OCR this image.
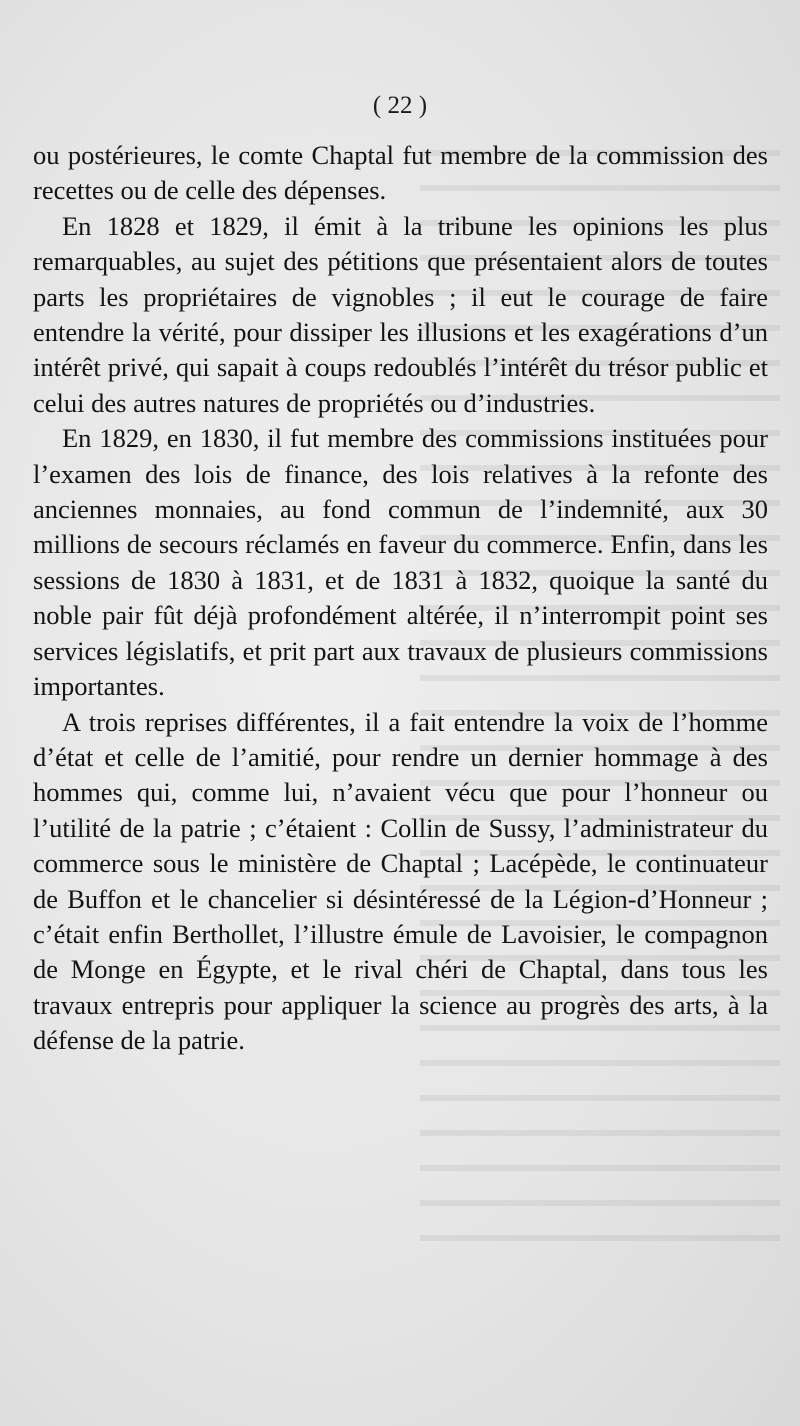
( 22 )

ou postérieures, le comte Chaptal fut membre de la commission des recettes ou de celle des dépenses.

En 1828 et 1829, il émit à la tribune les opinions les plus remarquables, au sujet des pétitions que présentaient alors de toutes parts les propriétaires de vignobles ; il eut le courage de faire entendre la vérité, pour dissiper les illusions et les exagérations d’un intérêt privé, qui sapait à coups redoublés l’intérêt du trésor public et celui des autres natures de propriétés ou d’industries.

En 1829, en 1830, il fut membre des commissions instituées pour l’examen des lois de finance, des lois relatives à la refonte des anciennes monnaies, au fond commun de l’indemnité, aux 30 millions de secours réclamés en faveur du commerce. Enfin, dans les sessions de 1830 à 1831, et de 1831 à 1832, quoique la santé du noble pair fût déjà profondément altérée, il n’interrompit point ses services législatifs, et prit part aux travaux de plusieurs commissions importantes.

A trois reprises différentes, il a fait entendre la voix de l’homme d’état et celle de l’amitié, pour rendre un dernier hommage à des hommes qui, comme lui, n’avaient vécu que pour l’honneur ou l’utilité de la patrie ; c’étaient : Collin de Sussy, l’administrateur du commerce sous le ministère de Chaptal ; Lacépède, le continuateur de Buffon et le chancelier si désintéressé de la Légion-d’Honneur ; c’était enfin Berthollet, l’illustre émule de Lavoisier, le compagnon de Monge en Égypte, et le rival chéri de Chaptal, dans tous les travaux entrepris pour appliquer la science au progrès des arts, à la défense de la patrie.
